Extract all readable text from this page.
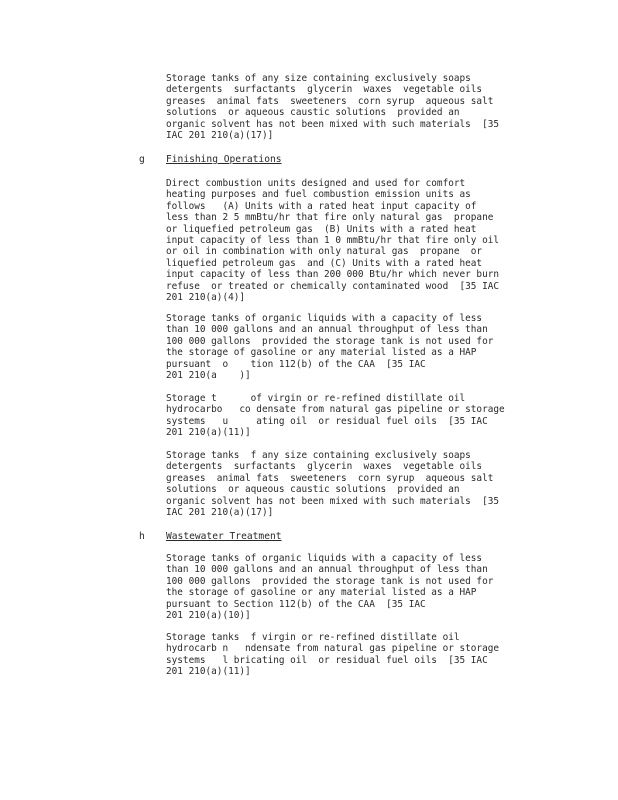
Storage tanks of any size containing exclusively soaps
detergents  surfactants  glycerin  waxes  vegetable oils
greases  animal fats  sweeteners  corn syrup  aqueous salt
solutions  or aqueous caustic solutions  provided an
organic solvent has not been mixed with such materials  [35
IAC 201 210(a)(17)]

g Finishing Operations

Direct combustion units designed and used for comfort
heating purposes and fuel combustion emission units as
follows   (A) Units with a rated heat input capacity of
less than 2 5 mmBtu/hr that fire only natural gas  propane
or liquefied petroleum gas  (B) Units with a rated heat
input capacity of less than 1 0 mmBtu/hr that fire only oil
or oil in combination with only natural gas  propane  or
liquefied petroleum gas  and (C) Units with a rated heat
input capacity of less than 200 000 Btu/hr which never burn
refuse  or treated or chemically contaminated wood  [35 IAC
201 210(a)(4)]

Storage tanks of organic liquids with a capacity of less
than 10 000 gallons and an annual throughput of less than
100 000 gallons  provided the storage tank is not used for
the storage of gasoline or any material listed as a HAP
pursuant  o    tion 112(b) of the CAA  [35 IAC
201 210(a    )]

Storage t      of virgin or re-refined distillate oil
hydrocarbo   co densate from natural gas pipeline or storage
systems   u     ating oil  or residual fuel oils  [35 IAC
201 210(a)(11)]

Storage tanks  f any size containing exclusively soaps
detergents  surfactants  glycerin  waxes  vegetable oils
greases  animal fats  sweeteners  corn syrup  aqueous salt
solutions  or aqueous caustic solutions  provided an
organic solvent has not been mixed with such materials  [35
IAC 201 210(a)(17)]

h Wastewater Treatment

Storage tanks of organic liquids with a capacity of less
than 10 000 gallons and an annual throughput of less than
100 000 gallons  provided the storage tank is not used for
the storage of gasoline or any material listed as a HAP
pursuant to Section 112(b) of the CAA  [35 IAC
201 210(a)(10)]

Storage tanks  f virgin or re-refined distillate oil
hydrocarb n   ndensate from natural gas pipeline or storage
systems   l bricating oil  or residual fuel oils  [35 IAC
201 210(a)(11)]
